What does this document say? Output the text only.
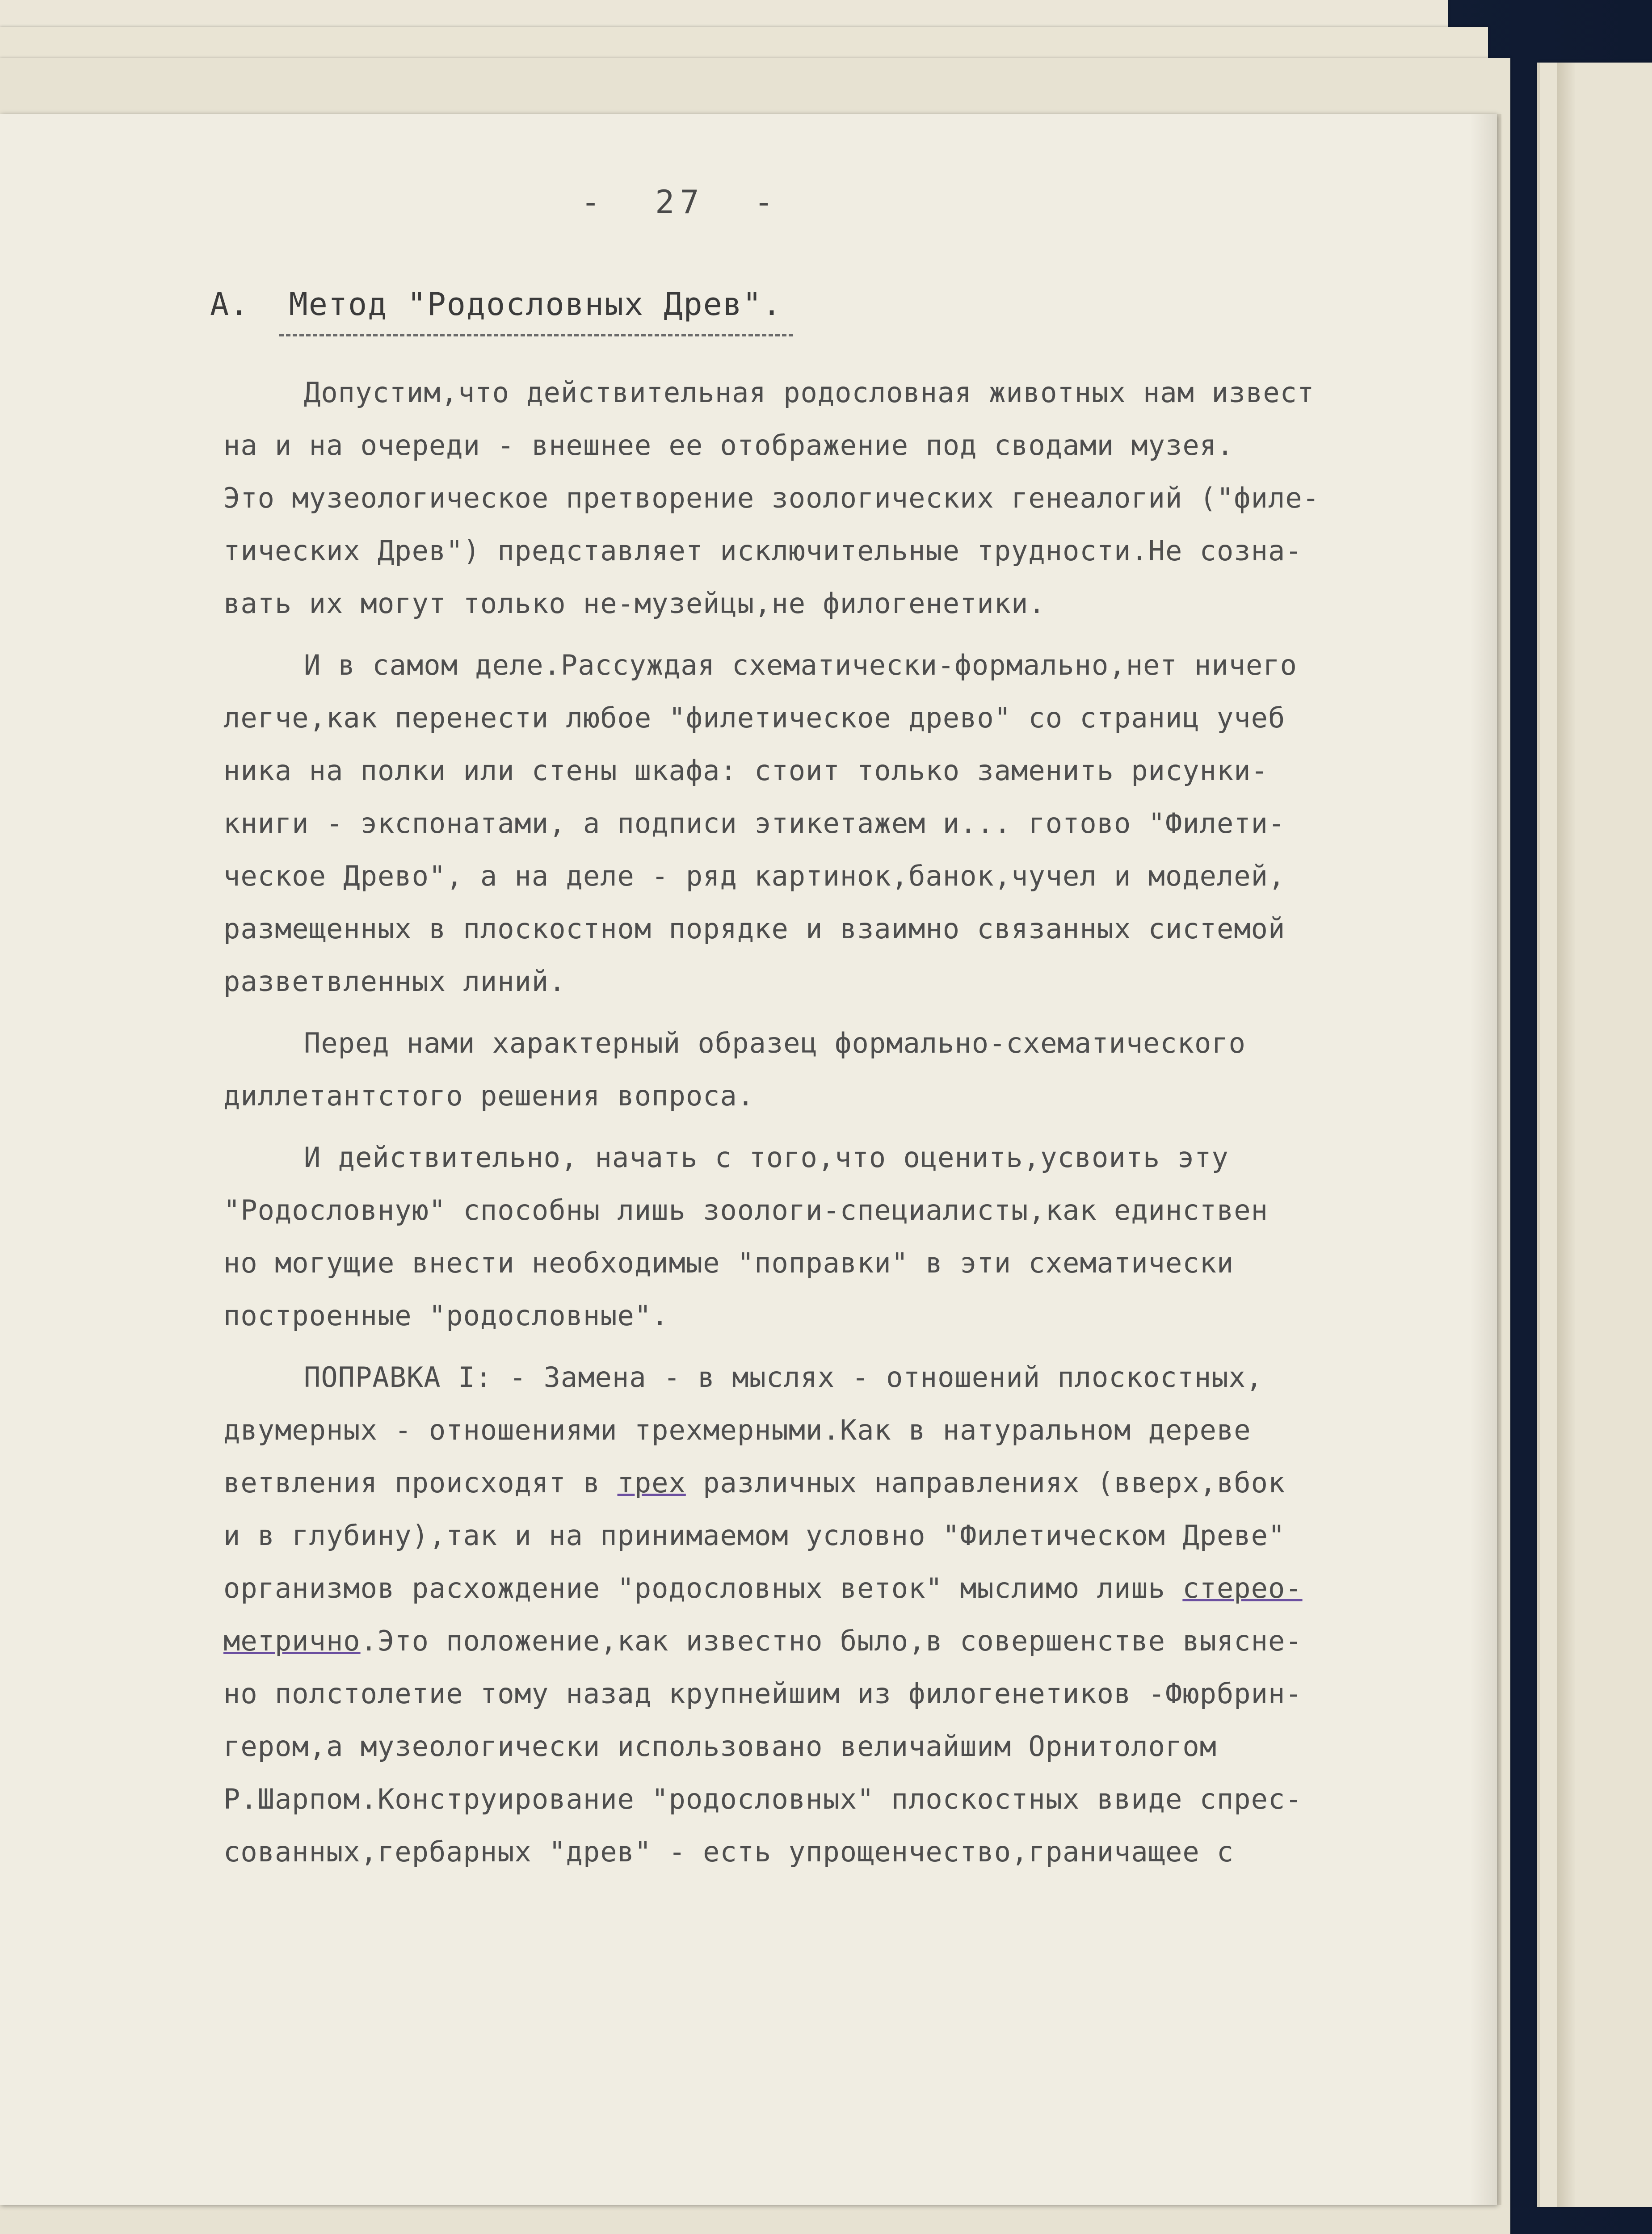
-  27  -
А.  Метод "Родословных Древ".

Допустим,что действительная родословная животных нам извест
на и на очереди - внешнее ее отображение под сводами музея.
Это музеологическое претворение зоологических генеалогий ("филе-
тических Древ") представляет исключительные трудности.Не созна-
вать их могут только не-музейцы,не филогенетики.

И в самом деле.Рассуждая схематически-формально,нет ничего
легче,как перенести любое "филетическое древо" со страниц учеб
ника на полки или стены шкафа: стоит только заменить рисунки-
книги - экспонатами, а подписи этикетажем и... готово "Филети-
ческое Древо", а на деле - ряд картинок,банок,чучел и моделей,
размещенных в плоскостном порядке и взаимно связанных системой
разветвленных линий.

Перед нами характерный образец формально-схематического
диллетантстого решения вопроса.

И действительно, начать с того,что оценить,усвоить эту
"Родословную" способны лишь зоологи-специалисты,как единствен
но могущие внести необходимые "поправки" в эти схематически
построенные "родословные".

ПОПРАВКА I: - Замена - в мыслях - отношений плоскостных,
двумерных - отношениями трехмерными.Как в натуральном дереве
ветвления происходят в трех различных направлениях (вверх,вбок
и в глубину),так и на принимаемом условно "Филетическом Древе"
организмов расхождение "родословных веток" мыслимо лишь стерео-
метрично.Это положение,как известно было,в совершенстве выясне-
но полстолетие тому назад крупнейшим из филогенетиков -Фюрбрин-
гером,а музеологически использовано величайшим Орнитологом
Р.Шарпом.Конструирование "родословных" плоскостных ввиде спрес-
сованных,гербарных "древ" - есть упрощенчество,граничащее с
